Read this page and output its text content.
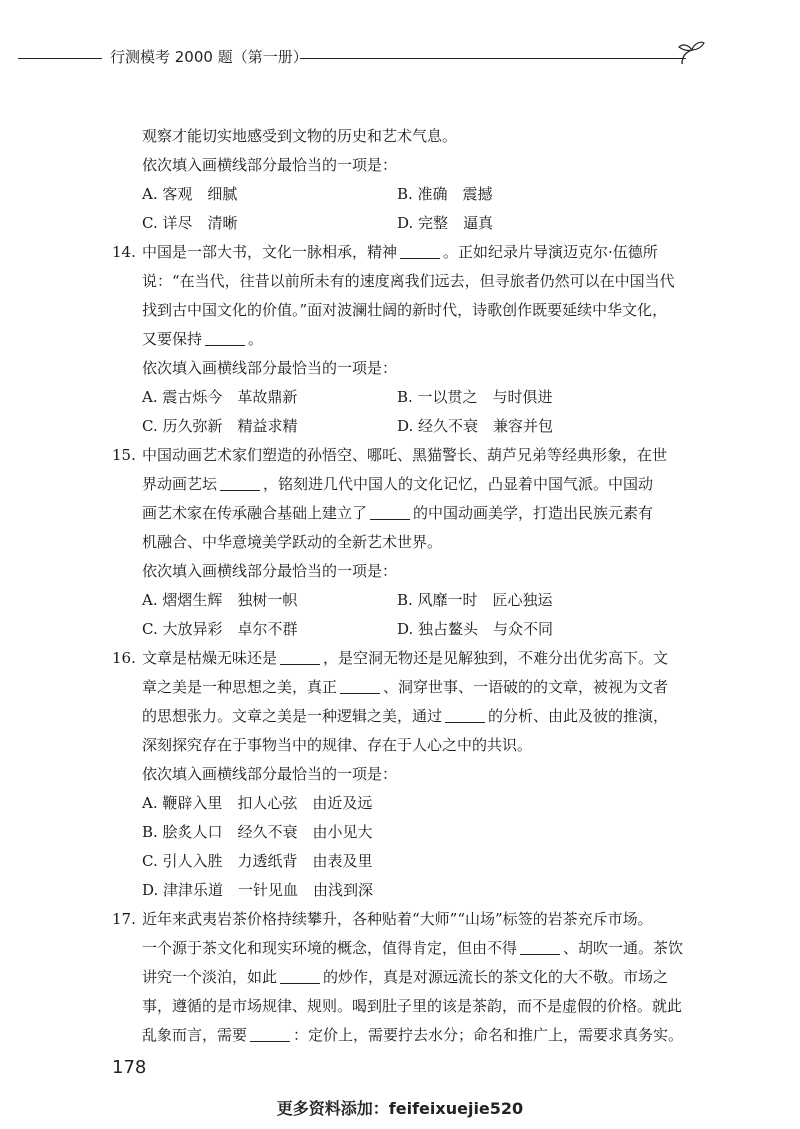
行测模考 2000 题（第一册）
观察才能切实地感受到文物的历史和艺术气息。
依次填入画横线部分最恰当的一项是：
A. 客观　细腻	B. 准确　震撼
C. 详尽　清晰	D. 完整　逼真
14. 中国是一部大书，文化一脉相承，精神	。正如纪录片导演迈克尔·伍德所
说：“在当代，往昔以前所未有的速度离我们远去，但寻旅者仍然可以在中国当代
找到古中国文化的价值。”面对波澜壮阔的新时代，诗歌创作既要延续中华文化，
又要保持	。
依次填入画横线部分最恰当的一项是：
A. 震古烁今　革故鼎新	B. 一以贯之　与时俱进
C. 历久弥新　精益求精	D. 经久不衰　兼容并包
15. 中国动画艺术家们塑造的孙悟空、哪吒、黑猫警长、葫芦兄弟等经典形象，在世
界动画艺坛	，铭刻进几代中国人的文化记忆，凸显着中国气派。中国动
画艺术家在传承融合基础上建立了	的中国动画美学，打造出民族元素有
机融合、中华意境美学跃动的全新艺术世界。
依次填入画横线部分最恰当的一项是：
A. 熠熠生辉　独树一帜	B. 风靡一时　匠心独运
C. 大放异彩　卓尔不群	D. 独占鳌头　与众不同
16. 文章是枯燥无味还是	，是空洞无物还是见解独到，不难分出优劣高下。文
章之美是一种思想之美，真正	、洞穿世事、一语破的的文章，被视为文者
的思想张力。文章之美是一种逻辑之美，通过	的分析、由此及彼的推演，
深刻探究存在于事物当中的规律、存在于人心之中的共识。
依次填入画横线部分最恰当的一项是：
A. 鞭辟入里　扣人心弦　由近及远
B. 脍炙人口　经久不衰　由小见大
C. 引人入胜　力透纸背　由表及里
D. 津津乐道　一针见血　由浅到深
17. 近年来武夷岩茶价格持续攀升，各种贴着“大师”“山场”标签的岩茶充斥市场。
一个源于茶文化和现实环境的概念，值得肯定，但由不得	、胡吹一通。茶饮
讲究一个淡泊，如此	的炒作，真是对源远流长的茶文化的大不敬。市场之
事，遵循的是市场规律、规则。喝到肚子里的该是茶韵，而不是虚假的价格。就此
乱象而言，需要	：定价上，需要拧去水分；命名和推广上，需要求真务实。
178
更多资料添加：feifeixuejie520
